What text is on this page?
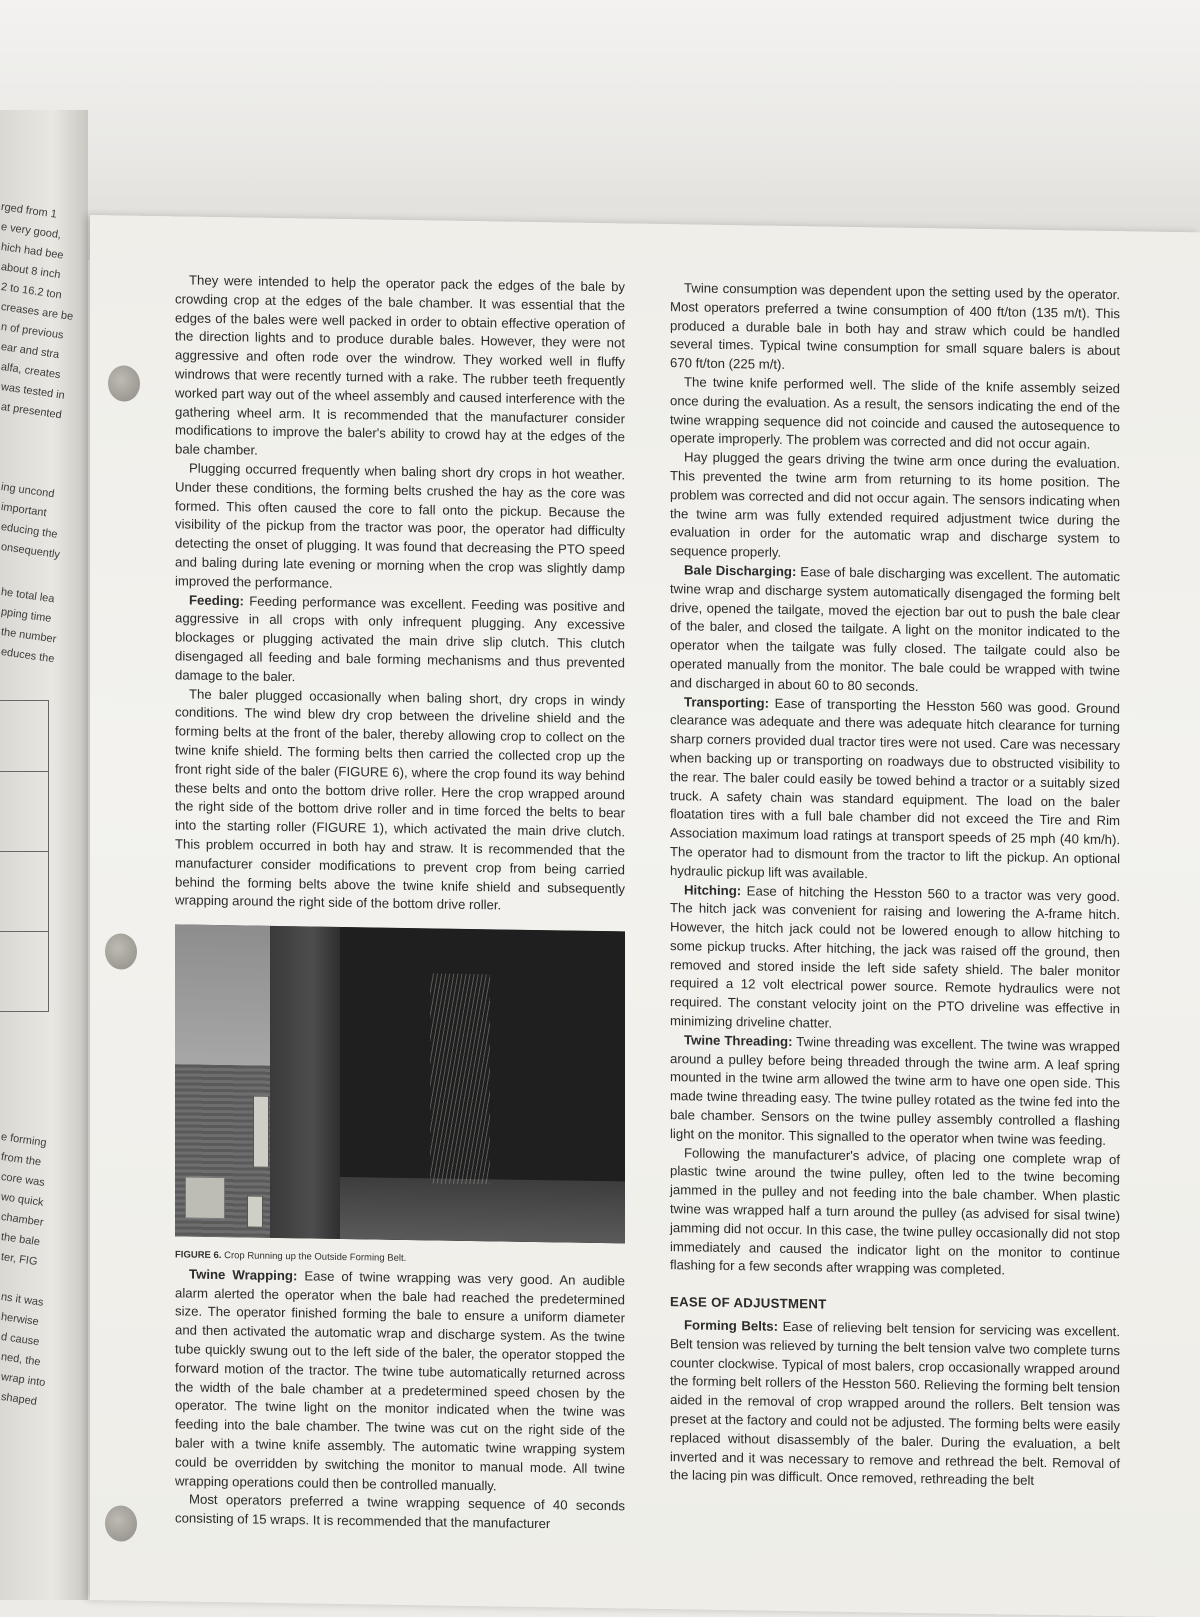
rged from 1
e very good,
hich had bee
about 8 inch
2 to 16.2 ton
creases are be
n of previous
ear and stra
alfa, creates
was tested in
at presented
ing uncond
important
educing the
onsequently
he total lea
pping time
the number
educes the
e forming
from the
core was
wo quick
chamber
the bale
ter, FIG
ns it was
herwise
d cause
ned, the
wrap into
shaped

They were intended to help the operator pack the edges of the bale by crowding crop at the edges of the bale chamber. It was essential that the edges of the bales were well packed in order to obtain effective operation of the direction lights and to produce durable bales. However, they were not aggressive and often rode over the windrow. They worked well in fluffy windrows that were recently turned with a rake. The rubber teeth frequently worked part way out of the wheel assembly and caused interference with the gathering wheel arm. It is recommended that the manufacturer consider modifications to improve the baler's ability to crowd hay at the edges of the bale chamber.

Plugging occurred frequently when baling short dry crops in hot weather. Under these conditions, the forming belts crushed the hay as the core was formed. This often caused the core to fall onto the pickup. Because the visibility of the pickup from the tractor was poor, the operator had difficulty detecting the onset of plugging. It was found that decreasing the PTO speed and baling during late evening or morning when the crop was slightly damp improved the performance.

Feeding: Feeding performance was excellent. Feeding was positive and aggressive in all crops with only infrequent plugging. Any excessive blockages or plugging activated the main drive slip clutch. This clutch disengaged all feeding and bale forming mechanisms and thus prevented damage to the baler.

The baler plugged occasionally when baling short, dry crops in windy conditions. The wind blew dry crop between the driveline shield and the forming belts at the front of the baler, thereby allowing crop to collect on the twine knife shield. The forming belts then carried the collected crop up the front right side of the baler (FIGURE 6), where the crop found its way behind these belts and onto the bottom drive roller. Here the crop wrapped around the right side of the bottom drive roller and in time forced the belts to bear into the starting roller (FIGURE 1), which activated the main drive clutch. This problem occurred in both hay and straw. It is recommended that the manufacturer consider modifications to prevent crop from being carried behind the forming belts above the twine knife shield and subsequently wrapping around the right side of the bottom drive roller.

FIGURE 6. Crop Running up the Outside Forming Belt.

Twine Wrapping: Ease of twine wrapping was very good. An audible alarm alerted the operator when the bale had reached the predetermined size. The operator finished forming the bale to ensure a uniform diameter and then activated the automatic wrap and discharge system. As the twine tube quickly swung out to the left side of the baler, the operator stopped the forward motion of the tractor. The twine tube automatically returned across the width of the bale chamber at a predetermined speed chosen by the operator. The twine light on the monitor indicated when the twine was feeding into the bale chamber. The twine was cut on the right side of the baler with a twine knife assembly. The automatic twine wrapping system could be overridden by switching the monitor to manual mode. All twine wrapping operations could then be controlled manually.

Most operators preferred a twine wrapping sequence of 40 seconds consisting of 15 wraps. It is recommended that the manufacturer

Twine consumption was dependent upon the setting used by the operator. Most operators preferred a twine consumption of 400 ft/ton (135 m/t). This produced a durable bale in both hay and straw which could be handled several times. Typical twine consumption for small square balers is about 670 ft/ton (225 m/t).

The twine knife performed well. The slide of the knife assembly seized once during the evaluation. As a result, the sensors indicating the end of the twine wrapping sequence did not coincide and caused the autosequence to operate improperly. The problem was corrected and did not occur again.

Hay plugged the gears driving the twine arm once during the evaluation. This prevented the twine arm from returning to its home position. The problem was corrected and did not occur again. The sensors indicating when the twine arm was fully extended required adjustment twice during the evaluation in order for the automatic wrap and discharge system to sequence properly.

Bale Discharging: Ease of bale discharging was excellent. The automatic twine wrap and discharge system automatically disengaged the forming belt drive, opened the tailgate, moved the ejection bar out to push the bale clear of the baler, and closed the tailgate. A light on the monitor indicated to the operator when the tailgate was fully closed. The tailgate could also be operated manually from the monitor. The bale could be wrapped with twine and discharged in about 60 to 80 seconds.

Transporting: Ease of transporting the Hesston 560 was good. Ground clearance was adequate and there was adequate hitch clearance for turning sharp corners provided dual tractor tires were not used. Care was necessary when backing up or transporting on roadways due to obstructed visibility to the rear. The baler could easily be towed behind a tractor or a suitably sized truck. A safety chain was standard equipment. The load on the baler floatation tires with a full bale chamber did not exceed the Tire and Rim Association maximum load ratings at transport speeds of 25 mph (40 km/h). The operator had to dismount from the tractor to lift the pickup. An optional hydraulic pickup lift was available.

Hitching: Ease of hitching the Hesston 560 to a tractor was very good. The hitch jack was convenient for raising and lowering the A-frame hitch. However, the hitch jack could not be lowered enough to allow hitching to some pickup trucks. After hitching, the jack was raised off the ground, then removed and stored inside the left side safety shield. The baler monitor required a 12 volt electrical power source. Remote hydraulics were not required. The constant velocity joint on the PTO driveline was effective in minimizing driveline chatter.

Twine Threading: Twine threading was excellent. The twine was wrapped around a pulley before being threaded through the twine arm. A leaf spring mounted in the twine arm allowed the twine arm to have one open side. This made twine threading easy. The twine pulley rotated as the twine fed into the bale chamber. Sensors on the twine pulley assembly controlled a flashing light on the monitor. This signalled to the operator when twine was feeding.

Following the manufacturer's advice, of placing one complete wrap of plastic twine around the twine pulley, often led to the twine becoming jammed in the pulley and not feeding into the bale chamber. When plastic twine was wrapped half a turn around the pulley (as advised for sisal twine) jamming did not occur. In this case, the twine pulley occasionally did not stop immediately and caused the indicator light on the monitor to continue flashing for a few seconds after wrapping was completed.

EASE OF ADJUSTMENT

Forming Belts: Ease of relieving belt tension for servicing was excellent. Belt tension was relieved by turning the belt tension valve two complete turns counter clockwise. Typical of most balers, crop occasionally wrapped around the forming belt rollers of the Hesston 560. Relieving the forming belt tension aided in the removal of crop wrapped around the rollers. Belt tension was preset at the factory and could not be adjusted. The forming belts were easily replaced without disassembly of the baler. During the evaluation, a belt inverted and it was necessary to remove and rethread the belt. Removal of the lacing pin was difficult. Once removed, rethreading the belt
